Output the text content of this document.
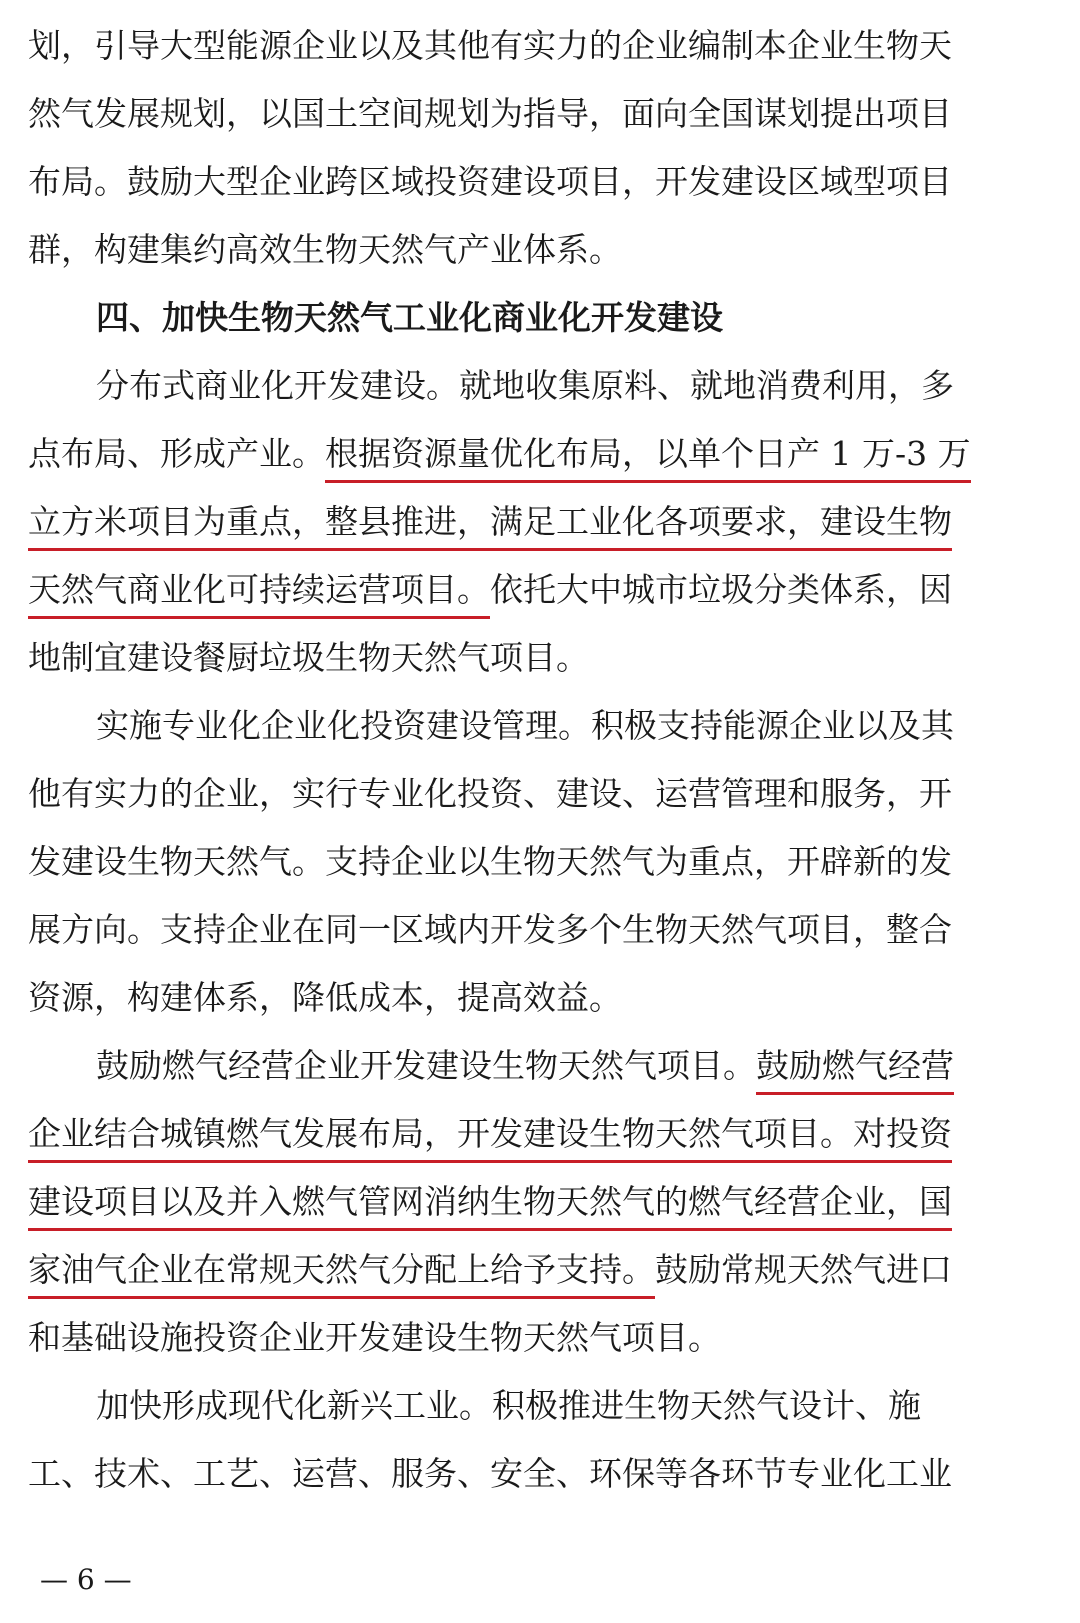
划，引导大型能源企业以及其他有实力的企业编制本企业生物天
然气发展规划，以国土空间规划为指导，面向全国谋划提出项目
布局。鼓励大型企业跨区域投资建设项目，开发建设区域型项目
群，构建集约高效生物天然气产业体系。
四、加快生物天然气工业化商业化开发建设
分布式商业化开发建设。就地收集原料、就地消费利用，多
点布局、形成产业。根据资源量优化布局，以单个日产 1 万-3 万
立方米项目为重点，整县推进，满足工业化各项要求，建设生物
天然气商业化可持续运营项目。依托大中城市垃圾分类体系，因
地制宜建设餐厨垃圾生物天然气项目。
实施专业化企业化投资建设管理。积极支持能源企业以及其
他有实力的企业，实行专业化投资、建设、运营管理和服务，开
发建设生物天然气。支持企业以生物天然气为重点，开辟新的发
展方向。支持企业在同一区域内开发多个生物天然气项目，整合
资源，构建体系，降低成本，提高效益。
鼓励燃气经营企业开发建设生物天然气项目。鼓励燃气经营
企业结合城镇燃气发展布局，开发建设生物天然气项目。对投资
建设项目以及并入燃气管网消纳生物天然气的燃气经营企业，国
家油气企业在常规天然气分配上给予支持。鼓励常规天然气进口
和基础设施投资企业开发建设生物天然气项目。
加快形成现代化新兴工业。积极推进生物天然气设计、施
工、技术、工艺、运营、服务、安全、环保等各环节专业化工业
— 6 —
